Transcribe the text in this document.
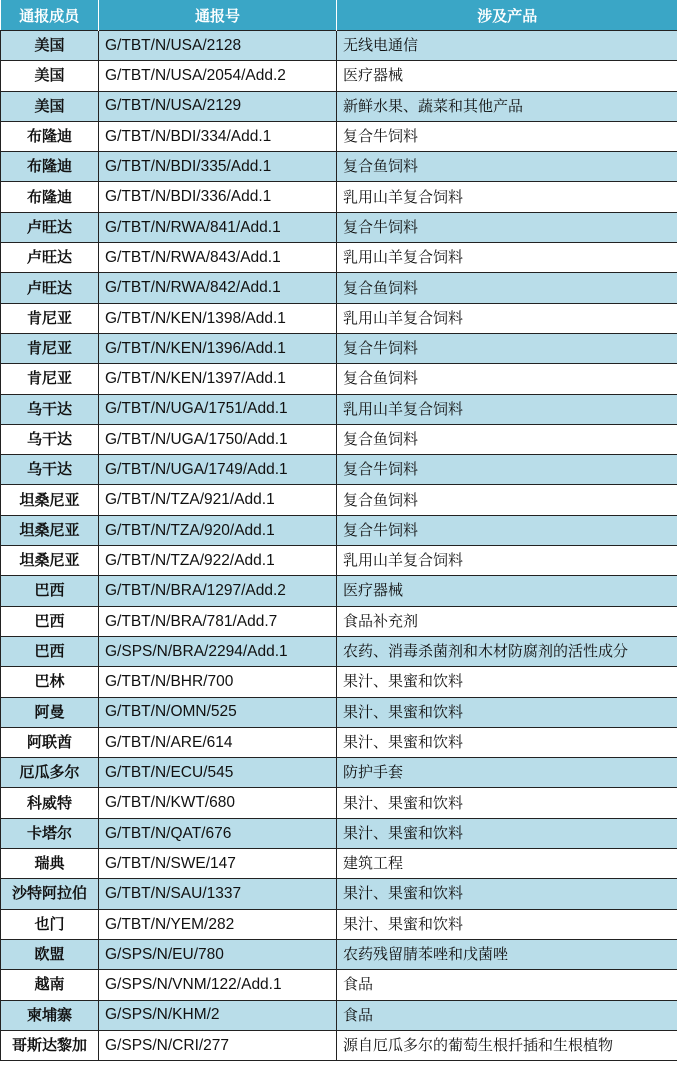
通报成员	通报号	涉及产品
美国	G/TBT/N/USA/2128	无线电通信
美国	G/TBT/N/USA/2054/Add.2	医疗器械
美国	G/TBT/N/USA/2129	新鲜水果、蔬菜和其他产品
布隆迪	G/TBT/N/BDI/334/Add.1	复合牛饲料
布隆迪	G/TBT/N/BDI/335/Add.1	复合鱼饲料
布隆迪	G/TBT/N/BDI/336/Add.1	乳用山羊复合饲料
卢旺达	G/TBT/N/RWA/841/Add.1	复合牛饲料
卢旺达	G/TBT/N/RWA/843/Add.1	乳用山羊复合饲料
卢旺达	G/TBT/N/RWA/842/Add.1	复合鱼饲料
肯尼亚	G/TBT/N/KEN/1398/Add.1	乳用山羊复合饲料
肯尼亚	G/TBT/N/KEN/1396/Add.1	复合牛饲料
肯尼亚	G/TBT/N/KEN/1397/Add.1	复合鱼饲料
乌干达	G/TBT/N/UGA/1751/Add.1	乳用山羊复合饲料
乌干达	G/TBT/N/UGA/1750/Add.1	复合鱼饲料
乌干达	G/TBT/N/UGA/1749/Add.1	复合牛饲料
坦桑尼亚	G/TBT/N/TZA/921/Add.1	复合鱼饲料
坦桑尼亚	G/TBT/N/TZA/920/Add.1	复合牛饲料
坦桑尼亚	G/TBT/N/TZA/922/Add.1	乳用山羊复合饲料
巴西	G/TBT/N/BRA/1297/Add.2	医疗器械
巴西	G/TBT/N/BRA/781/Add.7	食品补充剂
巴西	G/SPS/N/BRA/2294/Add.1	农药、消毒杀菌剂和木材防腐剂的活性成分
巴林	G/TBT/N/BHR/700	果汁、果蜜和饮料
阿曼	G/TBT/N/OMN/525	果汁、果蜜和饮料
阿联酋	G/TBT/N/ARE/614	果汁、果蜜和饮料
厄瓜多尔	G/TBT/N/ECU/545	防护手套
科威特	G/TBT/N/KWT/680	果汁、果蜜和饮料
卡塔尔	G/TBT/N/QAT/676	果汁、果蜜和饮料
瑞典	G/TBT/N/SWE/147	建筑工程
沙特阿拉伯	G/TBT/N/SAU/1337	果汁、果蜜和饮料
也门	G/TBT/N/YEM/282	果汁、果蜜和饮料
欧盟	G/SPS/N/EU/780	农药残留腈苯唑和戊菌唑
越南	G/SPS/N/VNM/122/Add.1	食品
柬埔寨	G/SPS/N/KHM/2	食品
哥斯达黎加	G/SPS/N/CRI/277	源自厄瓜多尔的葡萄生根扦插和生根植物
